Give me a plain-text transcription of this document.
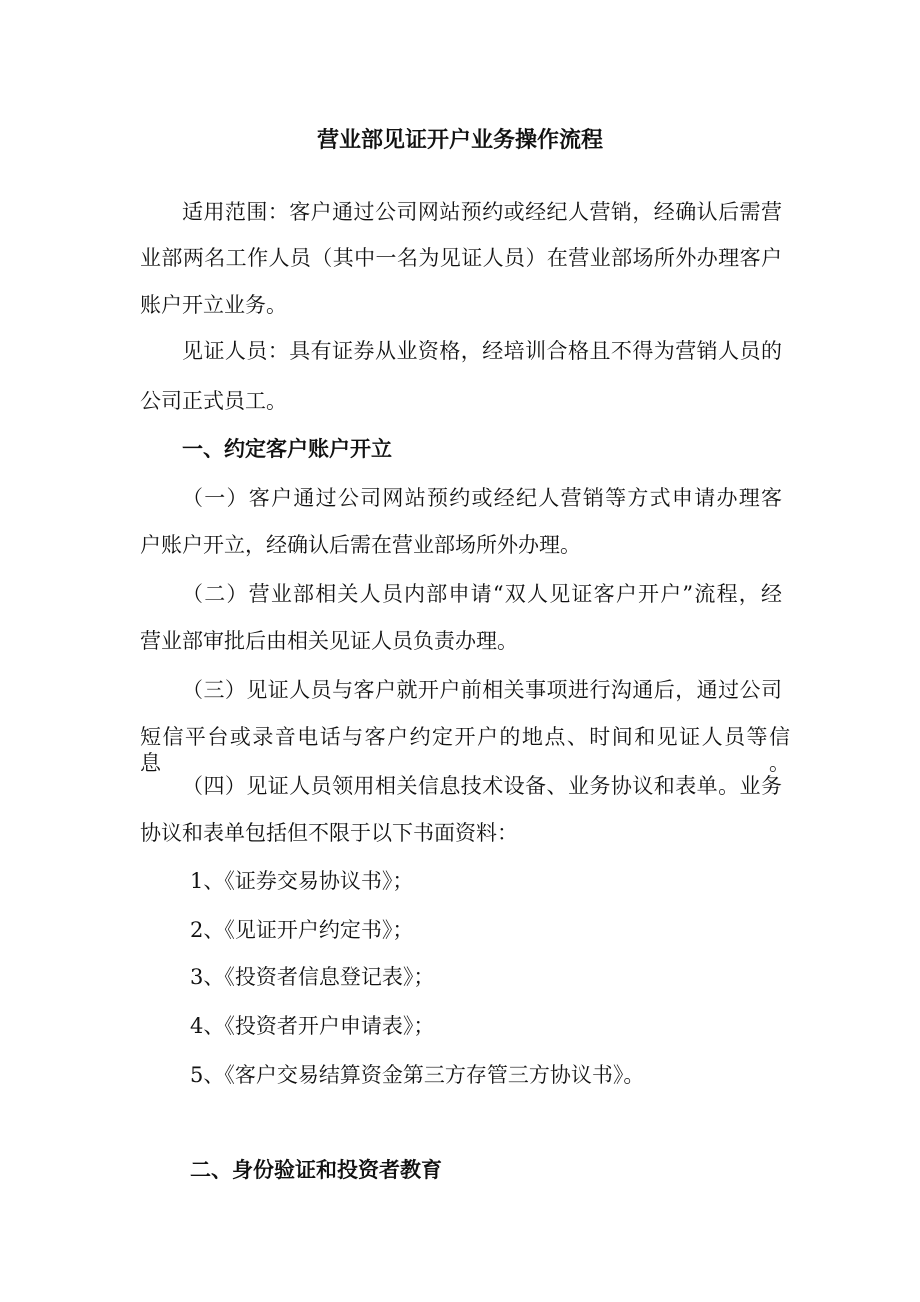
营业部见证开户业务操作流程
适用范围：客户通过公司网站预约或经纪人营销，经确认后需营
业部两名工作人员（其中一名为见证人员）在营业部场所外办理客户
账户开立业务。
见证人员：具有证券从业资格，经培训合格且不得为营销人员的
公司正式员工。
一、约定客户账户开立
（一）客户通过公司网站预约或经纪人营销等方式申请办理客
户账户开立，经确认后需在营业部场所外办理。
（二）营业部相关人员内部申请“双人见证客户开户”流程，经
营业部审批后由相关见证人员负责办理。
（三）见证人员与客户就开户前相关事项进行沟通后，通过公司
短信平台或录音电话与客户约定开户的地点、时间和见证人员等信息。
（四）见证人员领用相关信息技术设备、业务协议和表单。业务
协议和表单包括但不限于以下书面资料：
1、《证券交易协议书》；
2、《见证开户约定书》；
3、《投资者信息登记表》；
4、《投资者开户申请表》；
5、《客户交易结算资金第三方存管三方协议书》。
二、身份验证和投资者教育
